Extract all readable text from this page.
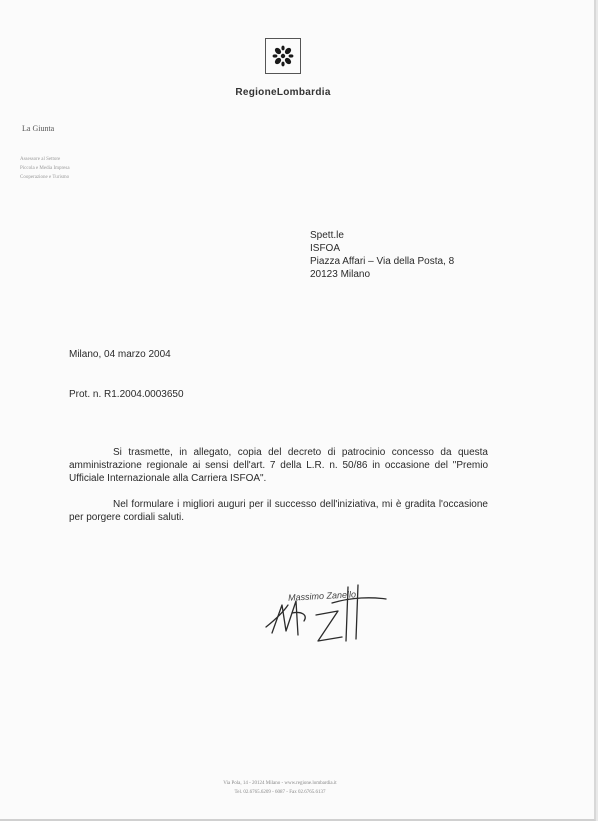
RegioneLombardia
La Giunta
Assessore al Settore
Piccola e Media Impresa
Cooperazione e Turismo
Spett.le
ISFOA
Piazza Affari – Via della Posta, 8
20123 Milano
Milano, 04 marzo 2004
Prot. n. R1.2004.0003650
Si trasmette, in allegato, copia del decreto di patrocinio concesso da questa amministrazione regionale ai sensi dell'art. 7 della L.R. n. 50/86 in occasione del "Premio Ufficiale Internazionale alla Carriera ISFOA".
Nel formulare i migliori auguri per il successo dell'iniziativa, mi è gradita l'occasione per porgere cordiali saluti.
Massimo Zanello
Via Pola, 14 - 20124 Milano - www.regione.lombardia.it
Tel. 02.6765.6209 - 6087 - Fax 02.6765.6137
